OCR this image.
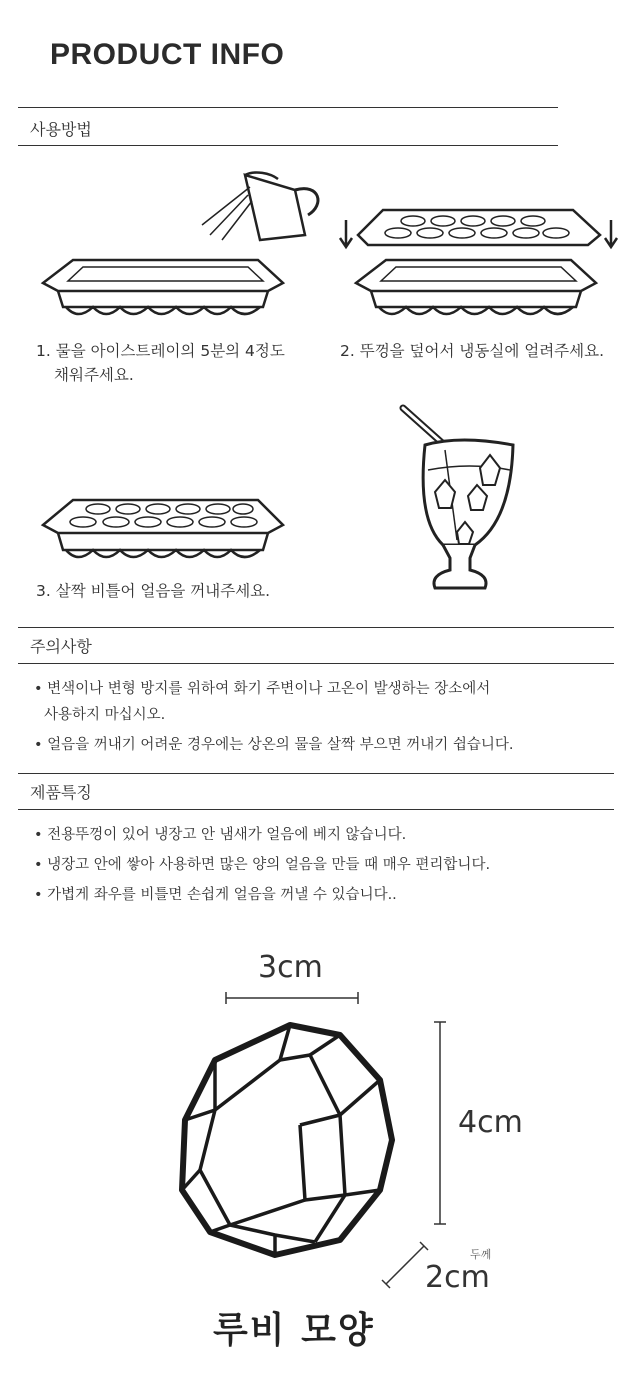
PRODUCT INFO
사용방법
1. 물을 아이스트레이의 5분의 4정도
채워주세요.
2. 뚜껑을 덮어서 냉동실에 얼려주세요.
3. 살짝 비틀어 얼음을 꺼내주세요.
주의사항
• 변색이나 변형 방지를 위하여 화기 주변이나 고온이 발생하는 장소에서
사용하지 마십시오.
• 얼음을 꺼내기 어려운 경우에는 상온의 물을 살짝 부으면 꺼내기 쉽습니다.
제품특징
• 전용뚜껑이 있어 냉장고 안 냄새가 얼음에 베지 않습니다.
• 냉장고 안에 쌓아 사용하면 많은 양의 얼음을 만들 때 매우 편리합니다.
• 가볍게 좌우를 비틀면 손쉽게 얼음을 꺼낼 수 있습니다..
3cm
4cm
두께
2cm
루비 모양
